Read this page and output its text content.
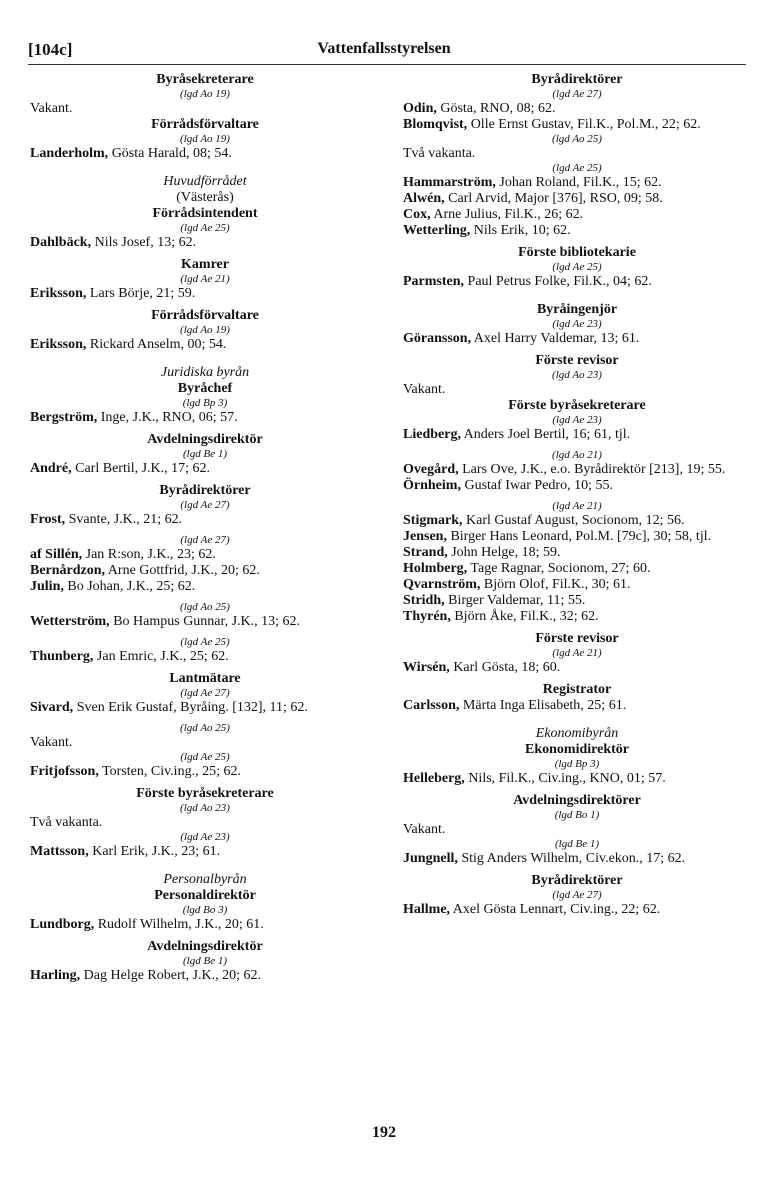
[104c]	Vattenfallsstyrelsen
Byråsekreterare
(lgd Ao 19)
Vakant.
Förrådsförvaltare
(lgd Ao 19)
Landerholm, Gösta Harald, 08; 54.
Huvudförrådet
(Västerås)
Förrådsintendent
(lgd Ae 25)
Dahlbäck, Nils Josef, 13; 62.
Kamrer
(lgd Ae 21)
Eriksson, Lars Börje, 21; 59.
Förrådsförvaltare
(lgd Ao 19)
Eriksson, Rickard Anselm, 00; 54.
Juridiska byrån
Byråchef
(lgd Bp 3)
Bergström, Inge, J.K., RNO, 06; 57.
Avdelningsdirektör
(lgd Be 1)
André, Carl Bertil, J.K., 17; 62.
Byrådirektörer
(lgd Ae 27)
Frost, Svante, J.K., 21; 62.
(lgd Ae 27)
af Sillén, Jan R:son, J.K., 23; 62.
Bernårdzon, Arne Gottfrid, J.K., 20; 62.
Julin, Bo Johan, J.K., 25; 62.
(lgd Ao 25)
Wetterström, Bo Hampus Gunnar, J.K., 13; 62.
(lgd Ae 25)
Thunberg, Jan Emric, J.K., 25; 62.
Lantmätare
(lgd Ae 27)
Sivard, Sven Erik Gustaf, Byråing. [132], 11; 62.
(lgd Ao 25)
Vakant.
(lgd Ae 25)
Fritjofsson, Torsten, Civ.ing., 25; 62.
Förste byråsekreterare
(lgd Ao 23)
Två vakanta.
(lgd Ae 23)
Mattsson, Karl Erik, J.K., 23; 61.
Personalbyrån
Personaldirektör
(lgd Bo 3)
Lundborg, Rudolf Wilhelm, J.K., 20; 61.
Avdelningsdirektör
(lgd Be 1)
Harling, Dag Helge Robert, J.K., 20; 62.
Byrådirektörer
(lgd Ae 27)
Odin, Gösta, RNO, 08; 62.
Blomqvist, Olle Ernst Gustav, Fil.K., Pol.M., 22; 62.
(lgd Ao 25)
Två vakanta.
(lgd Ae 25)
Hammarström, Johan Roland, Fil.K., 15; 62.
Alwén, Carl Arvid, Major [376], RSO, 09; 58.
Cox, Arne Julius, Fil.K., 26; 62.
Wetterling, Nils Erik, 10; 62.
Förste bibliotekarie
(lgd Ae 25)
Parmsten, Paul Petrus Folke, Fil.K., 04; 62.
Byråingenjör
(lgd Ae 23)
Göransson, Axel Harry Valdemar, 13; 61.
Förste revisor
(lgd Ao 23)
Vakant.
Förste byråsekreterare
(lgd Ae 23)
Liedberg, Anders Joel Bertil, 16; 61, tjl.
(lgd Ao 21)
Ovegård, Lars Ove, J.K., e.o. Byrådirektör [213], 19; 55.
Örnheim, Gustaf Iwar Pedro, 10; 55.
(lgd Ae 21)
Stigmark, Karl Gustaf August, Socionom, 12; 56.
Jensen, Birger Hans Leonard, Pol.M. [79c], 30; 58, tjl.
Strand, John Helge, 18; 59.
Holmberg, Tage Ragnar, Socionom, 27; 60.
Qvarnström, Björn Olof, Fil.K., 30; 61.
Stridh, Birger Valdemar, 11; 55.
Thyrén, Björn Åke, Fil.K., 32; 62.
Förste revisor
(lgd Ae 21)
Wirsén, Karl Gösta, 18; 60.
Registrator
Carlsson, Märta Inga Elisabeth, 25; 61.
Ekonomibyrån
Ekonomidirektör
(lgd Bp 3)
Helleberg, Nils, Fil.K., Civ.ing., KNO, 01; 57.
Avdelningsdirektörer
(lgd Bo 1)
Vakant.
(lgd Be 1)
Jungnell, Stig Anders Wilhelm, Civ.ekon., 17; 62.
Byrådirektörer
(lgd Ae 27)
Hallme, Axel Gösta Lennart, Civ.ing., 22; 62.
192
